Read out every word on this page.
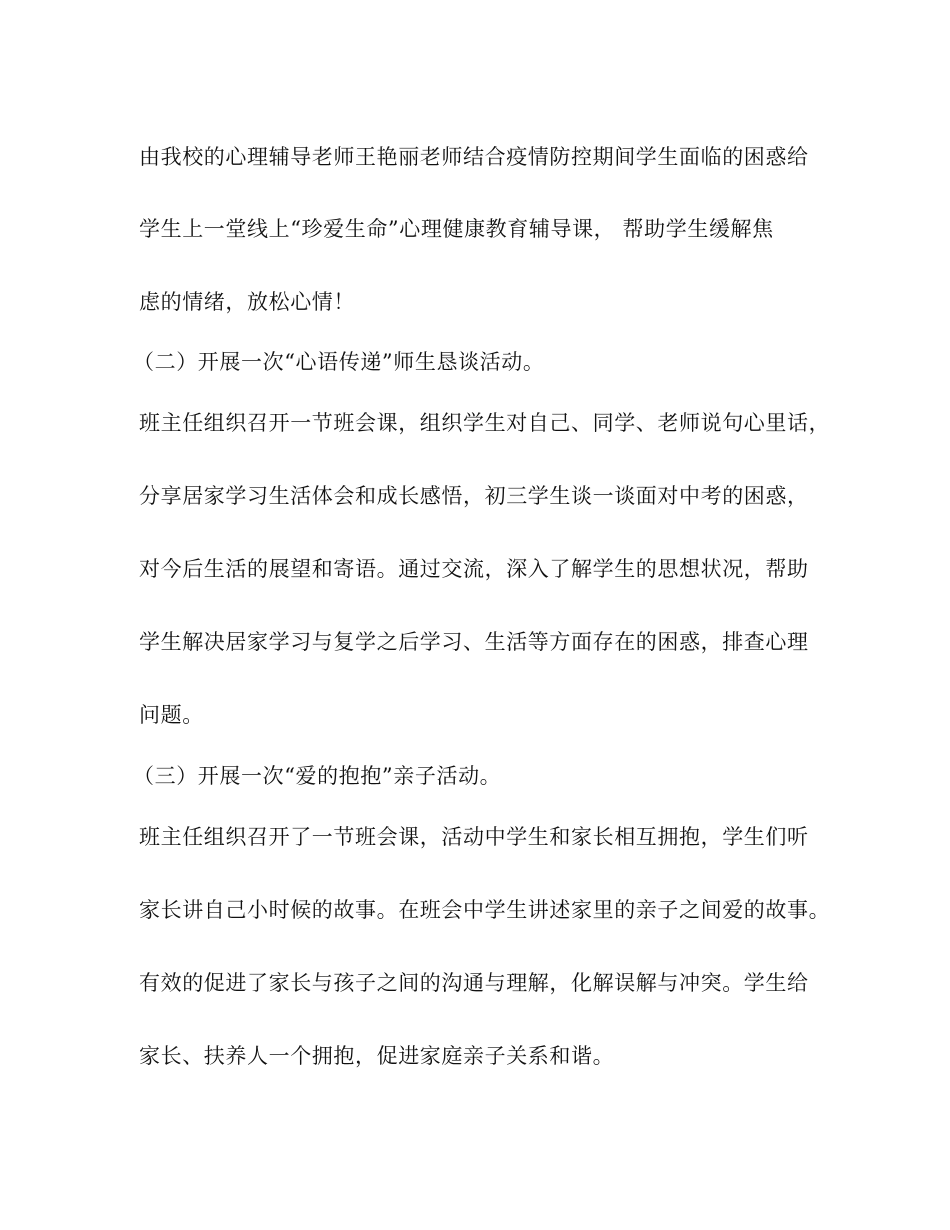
由我校的心理辅导老师王艳丽老师结合疫情防控期间学生面临的困惑给
学生上一堂线上“珍爱生命”心理健康教育辅导课， 帮助学生缓解焦
虑的情绪，放松心情！
（二）开展一次“心语传递”师生恳谈活动。
班主任组织召开一节班会课，组织学生对自己、同学、老师说句心里话，
分享居家学习生活体会和成长感悟，初三学生谈一谈面对中考的困惑，
对今后生活的展望和寄语。通过交流，深入了解学生的思想状况，帮助
学生解决居家学习与复学之后学习、生活等方面存在的困惑，排查心理
问题。
（三）开展一次“爱的抱抱”亲子活动。
班主任组织召开了一节班会课，活动中学生和家长相互拥抱，学生们听
家长讲自己小时候的故事。在班会中学生讲述家里的亲子之间爱的故事。
有效的促进了家长与孩子之间的沟通与理解，化解误解与冲突。学生给
家长、扶养人一个拥抱，促进家庭亲子关系和谐。
